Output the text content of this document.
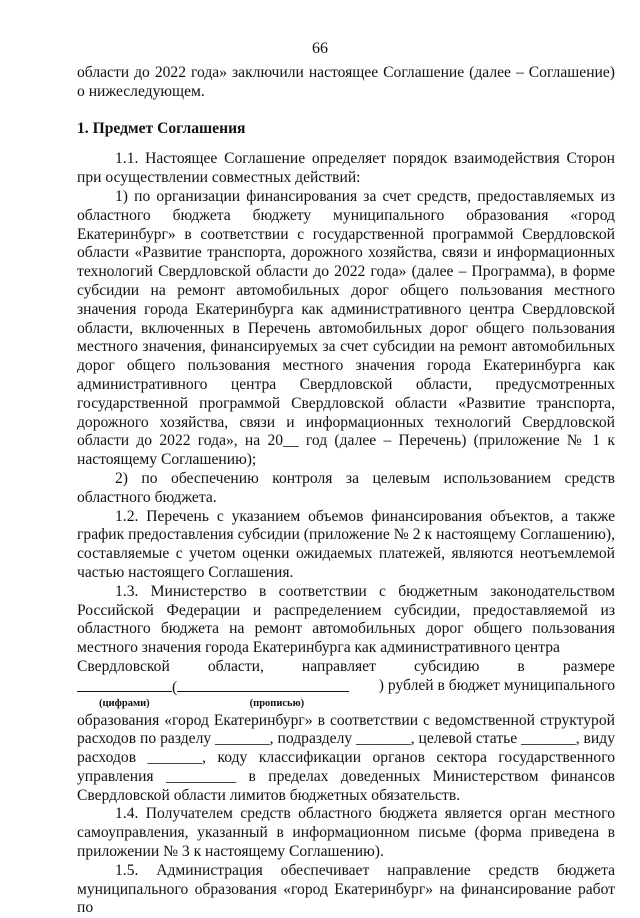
66

области до 2022 года» заключили настоящее Соглашение (далее – Соглашение) о нижеследующем.

1. Предмет Соглашения

1.1. Настоящее Соглашение определяет порядок взаимодействия Сторон при осуществлении совместных действий:

1) по организации финансирования за счет средств, предоставляемых из областного бюджета бюджету муниципального образования «город Екатеринбург» в соответствии с государственной программой Свердловской области «Развитие транспорта, дорожного хозяйства, связи и информационных технологий Свердловской области до 2022 года» (далее – Программа), в форме субсидии на ремонт автомобильных дорог общего пользования местного значения города Екатеринбурга как административного центра Свердловской области, включенных в Перечень автомобильных дорог общего пользования местного значения, финансируемых за счет субсидии на ремонт автомобильных дорог общего пользования местного значения города Екатеринбурга как административного центра Свердловской области, предусмотренных государственной программой Свердловской области «Развитие транспорта, дорожного хозяйства, связи и информационных технологий Свердловской области до 2022 года», на 20__ год (далее – Перечень) (приложение № 1 к настоящему Соглашению);

2) по обеспечению контроля за целевым использованием средств областного бюджета.

1.2. Перечень с указанием объемов финансирования объектов, а также график предоставления субсидии (приложение № 2 к настоящему Соглашению), составляемые с учетом оценки ожидаемых платежей, являются неотъемлемой частью настоящего Соглашения.

1.3. Министерство в соответствии с бюджетным законодательством Российской Федерации и распределением субсидии, предоставляемой из областного бюджета на ремонт автомобильных дорог общего пользования местного значения города Екатеринбурга как административного центра

Свердловской области, направляет субсидию в размере
(	) рублей в бюджет муниципального
(цифрами)	(прописью)

образования «город Екатеринбург» в соответствии с ведомственной структурой расходов по разделу _______, подразделу _______, целевой статье _______, виду расходов _______, коду классификации органов сектора государственного управления _________ в пределах доведенных Министерством финансов Свердловской области лимитов бюджетных обязательств.

1.4. Получателем средств областного бюджета является орган местного самоуправления, указанный в информационном письме (форма приведена в приложении № 3 к настоящему Соглашению).

1.5. Администрация обеспечивает направление средств бюджета муниципального образования «город Екатеринбург» на финансирование работ по
